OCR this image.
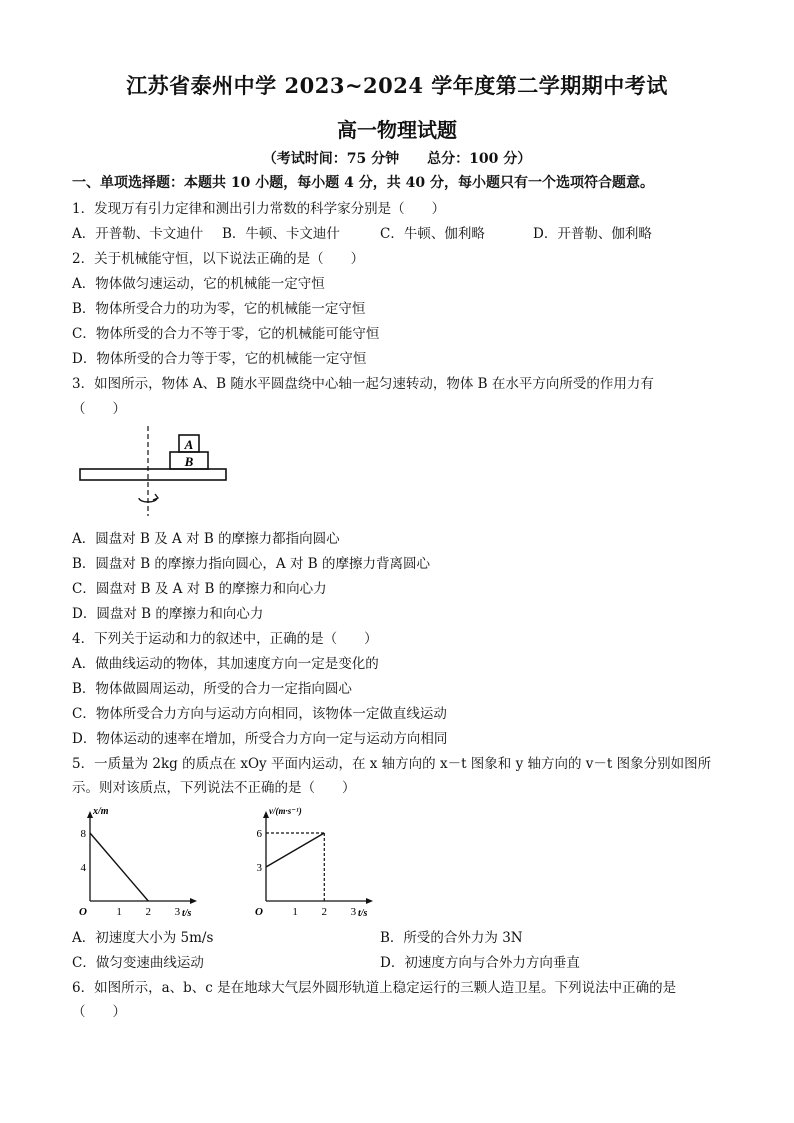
江苏省泰州中学 2023~2024 学年度第二学期期中考试
高一物理试题
（考试时间：75 分钟　　总分：100 分）
一、单项选择题：本题共 10 小题，每小题 4 分，共 40 分，每小题只有一个选项符合题意。
1．发现万有引力定律和测出引力常数的科学家分别是（　　）
A．开普勒、卡文迪什 B．牛顿、卡文迪什	C．牛顿、伽利略	D．开普勒、伽利略
2．关于机械能守恒，以下说法正确的是（　　）
A．物体做匀速运动，它的机械能一定守恒
B．物体所受合力的功为零，它的机械能一定守恒
C．物体所受的合力不等于零，它的机械能可能守恒
D．物体所受的合力等于零，它的机械能一定守恒
3．如图所示，物体 A、B 随水平圆盘绕中心轴一起匀速转动，物体 B 在水平方向所受的作用力有
（　　）
A
B
A．圆盘对 B 及 A 对 B 的摩擦力都指向圆心
B．圆盘对 B 的摩擦力指向圆心，A 对 B 的摩擦力背离圆心
C．圆盘对 B 及 A 对 B 的摩擦力和向心力
D．圆盘对 B 的摩擦力和向心力
4．下列关于运动和力的叙述中，正确的是（　　）
A．做曲线运动的物体，其加速度方向一定是变化的
B．物体做圆周运动，所受的合力一定指向圆心
C．物体所受合力方向与运动方向相同，该物体一定做直线运动
D．物体运动的速率在增加，所受合力方向一定与运动方向相同
5．一质量为 2kg 的质点在 xOy 平面内运动，在 x 轴方向的 x－t 图象和 y 轴方向的 v－t 图象分别如图所
示。则对该质点，下列说法不正确的是（　　）
x/m
t/s
O	1 2 3
4
8
v/(m·s⁻¹)
t/s
O	1 2 3
3
6
A．初速度大小为 5m/s	B．所受的合外力为 3N
C．做匀变速曲线运动	D．初速度方向与合外力方向垂直
6．如图所示，a、b、c 是在地球大气层外圆形轨道上稳定运行的三颗人造卫星。下列说法中正确的是
（　　）
